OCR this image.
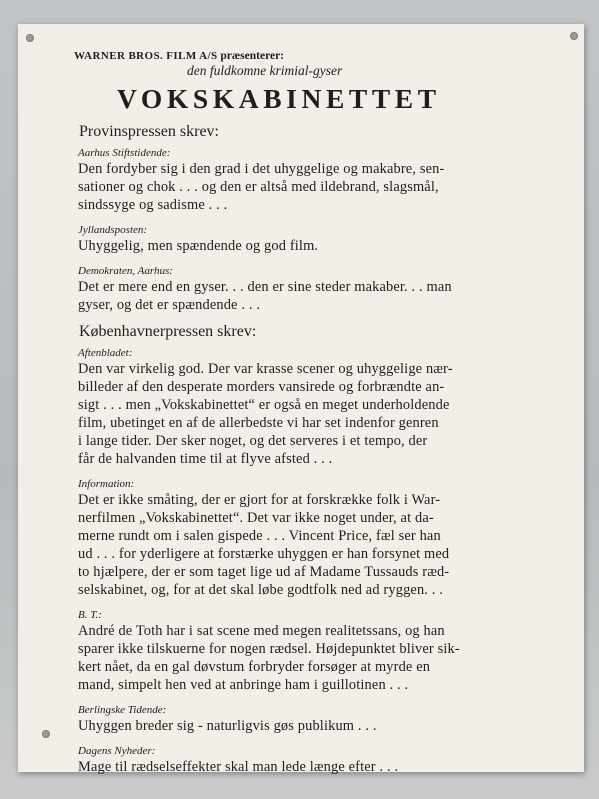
WARNER BROS. FILM A/S præsenterer:
den fuldkomne krimial-gyser
VOKSKABINETTET
Provinspressen skrev:
Aarhus Stiftstidende:
Den fordyber sig i den grad i det uhyggelige og makabre, sen-
sationer og chok . . . og den er altså med ildebrand, slagsmål,
sindssyge og sadisme . . .
Jyllandsposten:
Uhyggelig, men spændende og god film.
Demokraten, Aarhus:
Det er mere end en gyser. . . den er sine steder makaber. . . man
gyser, og det er spændende . . .
Københavnerpressen skrev:
Aftenbladet:
Den var virkelig god. Der var krasse scener og uhyggelige nær-
billeder af den desperate morders vansirede og forbrændte an-
sigt . . . men „Vokskabinettet“ er også en meget underholdende
film, ubetinget en af de allerbedste vi har set indenfor genren
i lange tider. Der sker noget, og det serveres i et tempo, der
får de halvanden time til at flyve afsted . . .
Information:
Det er ikke småting, der er gjort for at forskrække folk i War-
nerfilmen „Vokskabinettet“. Det var ikke noget under, at da-
merne rundt om i salen gispede . . . Vincent Price, fæl ser han
ud . . . for yderligere at forstærke uhyggen er han forsynet med
to hjælpere, der er som taget lige ud af Madame Tussauds ræd-
selskabinet, og, for at det skal løbe godtfolk ned ad ryggen. . .
B. T.:
André de Toth har i sat scene med megen realitetssans, og han
sparer ikke tilskuerne for nogen rædsel. Højdepunktet bliver sik-
kert nået, da en gal døvstum forbryder forsøger at myrde en
mand, simpelt hen ved at anbringe ham i guillotinen . . .
Berlingske Tidende:
Uhyggen breder sig - naturligvis gøs publikum . . .
Dagens Nyheder:
Mage til rædselseffekter skal man lede længe efter . . .
